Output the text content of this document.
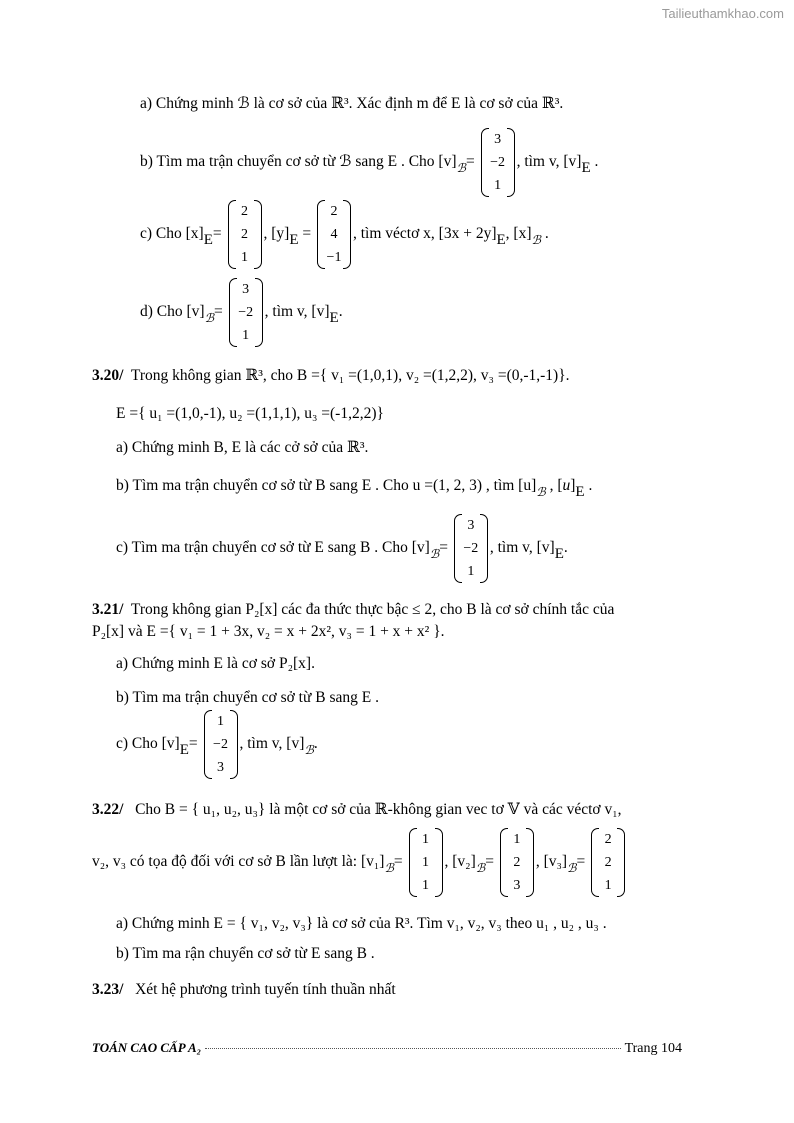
Tailieuthamkhao.com
a) Chứng minh ℬ là cơ sở của ℝ³. Xác định m để E là cơ sở của ℝ³.
b) Tìm ma trận chuyển cơ sở từ ℬ sang E . Cho $[v]_ℬ=$
3
−2
1
, tìm v, [v]E .
c) Cho [x]E=
2
2
1
, [y]E =
2
4
−1
, tìm véctơ x, [3x + 2y]E, $[x]_ℬ$ .
d) Cho $[v]_ℬ=$
3
−2
1
, tìm v, [v]E.
3.20/ Trong không gian ℝ³, cho B ={ v₁ =(1,0,1), v₂ =(1,2,2), v₃ =(0,-1,-1)}.
E ={ u₁ =(1,0,-1), u₂ =(1,1,1), u₃ =(-1,2,2)}
a) Chứng minh B, E là các cở sở của ℝ³.
b) Tìm ma trận chuyển cơ sở từ B sang E . Cho u =(1, 2, 3) , tìm $[u]_ℬ$ , [u]E .
c) Tìm ma trận chuyển cơ sở từ E sang B . Cho $[v]_ℬ=$
3
−2
1
, tìm v, [v]E.
3.21/ Trong không gian P₂[x] các đa thức thực bậc ≤ 2, cho B là cơ sở chính tắc của
P₂[x] và E ={ v₁ = 1 + 3x, v₂ = x + 2x², v₃ = 1 + x + x² }.
a) Chứng minh E là cơ sở P₂[x].
b) Tìm ma trận chuyển cơ sở từ B sang E .
c) Cho [v]E=
1
−2
3
, tìm v, $[v]_ℬ$.
3.22/ Cho B = { u₁, u₂, u₃} là một cơ sở của ℝ-không gian vec tơ 𝕍 và các véctơ v₁,
v₂, v₃ có tọa độ đối với cơ sở B lần lượt là: $[v_1]_ℬ=$
1
1
1
, $[v_2]_ℬ=$
1
2
3
, $[v_3]_ℬ=$
2
2
1
a) Chứng minh E = { v₁, v₂, v₃} là cơ sở của R³. Tìm v₁, v₂, v₃ theo u₁ , u₂ , u₃ .
b) Tìm ma rận chuyển cơ sở từ E sang B .
3.23/ Xét hệ phương trình tuyến tính thuần nhất
TOÁN CAO CẤP A₂	Trang
104
